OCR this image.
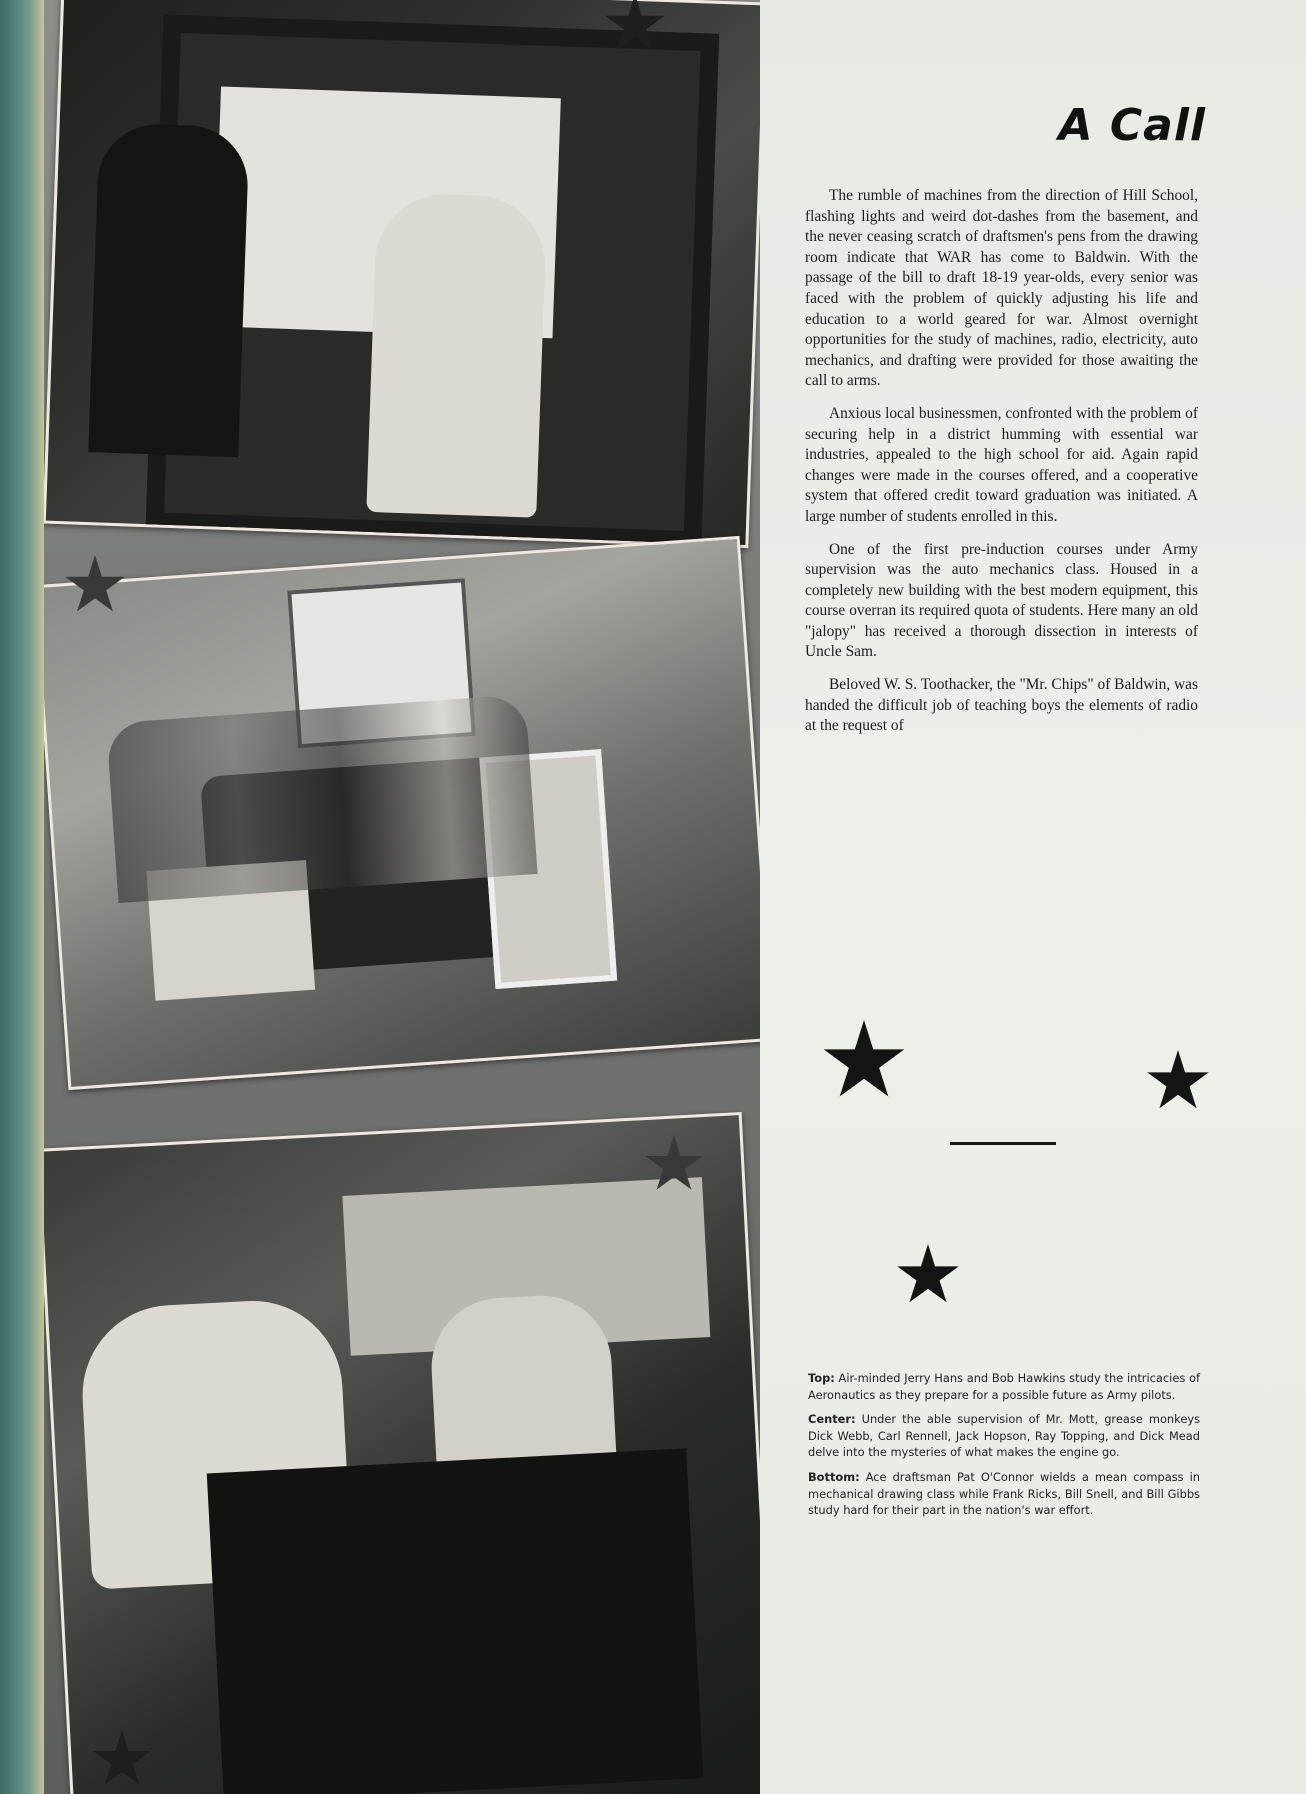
A Call

The rumble of machines from the direction of Hill School, flashing lights and weird dot-dashes from the basement, and the never ceasing scratch of draftsmen's pens from the drawing room indicate that WAR has come to Baldwin. With the passage of the bill to draft 18-19 year-olds, every senior was faced with the problem of quickly adjusting his life and education to a world geared for war. Almost overnight opportunities for the study of machines, radio, electricity, auto mechanics, and drafting were provided for those awaiting the call to arms.

Anxious local businessmen, confronted with the problem of securing help in a district humming with essential war industries, appealed to the high school for aid. Again rapid changes were made in the courses offered, and a cooperative system that offered credit toward graduation was initiated. A large number of students enrolled in this.

One of the first pre-induction courses under Army supervision was the auto mechanics class. Housed in a completely new building with the best modern equipment, this course overran its required quota of students. Here many an old "jalopy" has received a thorough dissection in interests of Uncle Sam.

Beloved W. S. Toothacker, the "Mr. Chips" of Baldwin, was handed the difficult job of teaching boys the elements of radio at the request of

Top: Air-minded Jerry Hans and Bob Hawkins study the intricacies of Aeronautics as they prepare for a possible future as Army pilots.

Center: Under the able supervision of Mr. Mott, grease monkeys Dick Webb, Carl Rennell, Jack Hopson, Ray Topping, and Dick Mead delve into the mysteries of what makes the engine go.

Bottom: Ace draftsman Pat O'Connor wields a mean compass in mechanical drawing class while Frank Ricks, Bill Snell, and Bill Gibbs study hard for their part in the nation's war effort.
